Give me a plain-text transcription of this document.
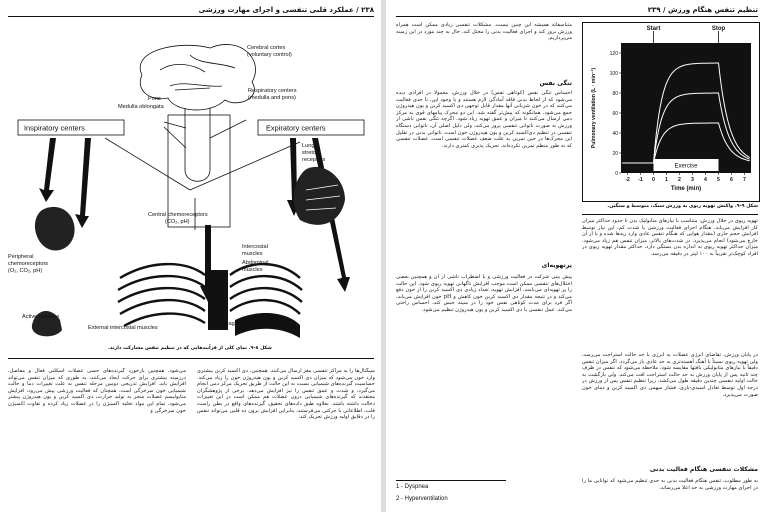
۲۳۸ / عملکرد قلبی تنفسی و اجرای مهارت ورزشی
Cerebral cortex
(voluntary control)
Pons
Medulla oblongata
Respiratory centers
(medulla and pons)
Lung
stretch
receptors
Central chemoreceptors
(CO₂, pH)
Peripheral
chemoreceptors
(O₂, CO₂, pH)
Intercostal
muscles
Abdominal
muscles
Active muscles
External intercostal muscles
Diaphragm
Inspiratory centers	Expiratory centers

شکل ۸-۹. نمای کلی از فرآیندهایی که در تنظیم تنفس مشارکت دارند.

سیگنال‌ها را به مراکز تنفسی مغز ارسال می‌کنند. همچنین، دی اکسید کربن بیشتری وارد خون می‌شود که میزان دی اکسید کربن و یون هیدروژن خون را زیاد می‌کند. حساسیت گیرنده‌های شیمیایی نسبت به این حالت از طریق تحریک مرکز دمی انجام می‌گیرد، و شدت و عمق تنفس را نیز افزایش می‌دهد. برخی از پژوهشگران معتقدند که گیرنده‌های شیمیایی درون عضلات هم ممکن است در این تغییرات دخالت داشته باشند. بعلاوه طبق داده‌های تحقیق، گیرنده‌های واقع در بطن راست قلب، اطلاعاتی با حرکتی می‌فرستند، بنابراین افزایش برون ده قلبی می‌تواند تنفس را در دقایق اولیه ورزش تحریک کند.

می‌شود. همچنین بازخورد گیرنده‌های حسی عضلات اسکلتی فعال و مفاصل، درزمینه بیشتری برای حرکت ایجاد می‌کنند، به طوری که میزان تنفس می‌تواند افزایش یابد. افزایش تدریجی دومین مرحله تنفس به علت تغییرات دما و حالت شیمیایی خون سرخرگی است. همچنان که فعالیت ورزشی پیش می‌رود، افزایش متابولیسم عضلات منجر به تولید حرارت، دی اکسید کربن و یون هیدروژن بیشتر می‌شود. تمام این مواد تخلیه اکسیژن را در عضلات زیاد کرده و تفاوت اکسیژن خون سرخرگی و

تنظیم تنفس هنگام ورزش / ۲۳۹

متناسفانه همیشه این چنین نیست. مشکلات تنفسی زیادی ممکن است همراه ورزش بروز کند و اجرای فعالیت بدنی را مختل کند. حال به چند مورد در این زمینه می‌پردازیم.

تنگی نفس

احساس تنگی نفس (کوتاهی نفس) در خلال ورزش، معمولاً در افرادی دیده می‌شود که از لحاظ بدنی فاقد آمادگی لازم هستند و یا وجود این، تا حدی فعالیت می‌کنند که در خون شریانی آنها مقدار قابل توجهی دی اکسید کربن و یون هیدروژن جمع می‌شود. همانگونه که پیش‌تر گفته شد، این دو محرک پیامهای قوی به مرکز دمی ارسال می‌کنند تا میزان و عمق تهویه زیاد شود. اگرچه تنگی نفس ناشی از ورزش به صورت ناتوانی تنفسی بروز می‌کند، ولی دلیل اصلی آن، ناتوانی دستگاه تنفسی در تنظیم دی‌اکسید کربن و یون هیدروژن خون است. ناتوانی بدنی در تقلیل این محرک‌ها در حین تمرین به علت ضعف عضلات تنفسی است. عضلات تنفسی که به طور منظم تمرین نکرده‌اند، تحریک پذیری کمتری دارند.

پرتهویه‌ای

پیش بینی شرکت در فعالیت ورزشی و یا اضطراب ناشی از آن و همچنین بعضی اختلال‌های تنفسی ممکن است موجب افزایش ناگهانی تهویه ریوی شود. این حالت را پر تهویه‌ای می‌نامند. افزایش تهویه، تعداد زیادی دی اکسید کربن را از خون دفع می‌کند و در نتیجه مقدار دی اکسید کربن خون کاهش و pH خون افزایش می‌یابد. اگر فرد برای مدت کوتاهی نفس خود را در سینه حبس کند، احساس راحتی می‌کند. عمل تنفسی با دی اکسید کربن و یون هیدروژن تنظیم می‌شود.

1 - Dyspnea

2 - Hyperventilation

Exercise
Start	Stop
0
20
40
60
80
100
120
-2 -1 0 1 2 3 4 5 6 7
Time (min)
Pulmonary ventilation (L · min⁻¹)

شکل ۹-۹. واکنش تهویه ریوی به ورزش سبک، متوسط و سنگین.

تهویه ریوی در خلال ورزش، متناسب با نیازهای متابولیک بدن تا حدود حداکثر میزان کار افزایش می‌یابد. هنگام اجرای فعالیت ورزشی با شدت کم، این نیاز توسط افزایش حجم جاری (مقدار هوایی که هنگام تنفس عادی وارد ریه‌ها شده و یا از آن خارج می‌شود) انجام می‌پذیرد. در شدت‌های بالاتر، میزان تنفس هم زیاد می‌شود. میزان حداکثر تهویه ریوی به اندازه بدن بستگی دارد. حداکثر مقدار تهویه ریوی در افراد کوچک‌تر تقریباً به ۱۰۰ لیتر در دقیقه می‌رسد.

در پایان ورزش، تقاضای انرژی عضلات به انرژی با حد حالت استراحت می‌رسد، ولی تهویه ریوی نسبتاً با آهنگ آهسته‌تری به حد عادی باز می‌گردد. اگر میزان تنفس دقیقاً با نیازهای متابولیکی بافتها مقایسه شود، ملاحظه می‌شود که تنفس در ظرف چند ثانیه پس از پایان ورزش به حد حالت استراحت افت می‌کند. ولی بازگشت به حالت اولیه تنفسی چندین دقیقه طول می‌کشد، زیرا تنظیم تنفس پس از ورزش در درجه اول توسط تعادل اسیدی-بازی، فشار سهمی دی اکسید کربن و دمای خون صورت می‌پذیرد.

مشکلات تنفسی هنگام فعالیت بدنی

به طور مطلوب، تنفس هنگام فعالیت بدنی به حدی تنظیم می‌شود که توانایی ما را در اجرای مهارت ورزشی به حد اعلا می‌رساند.
